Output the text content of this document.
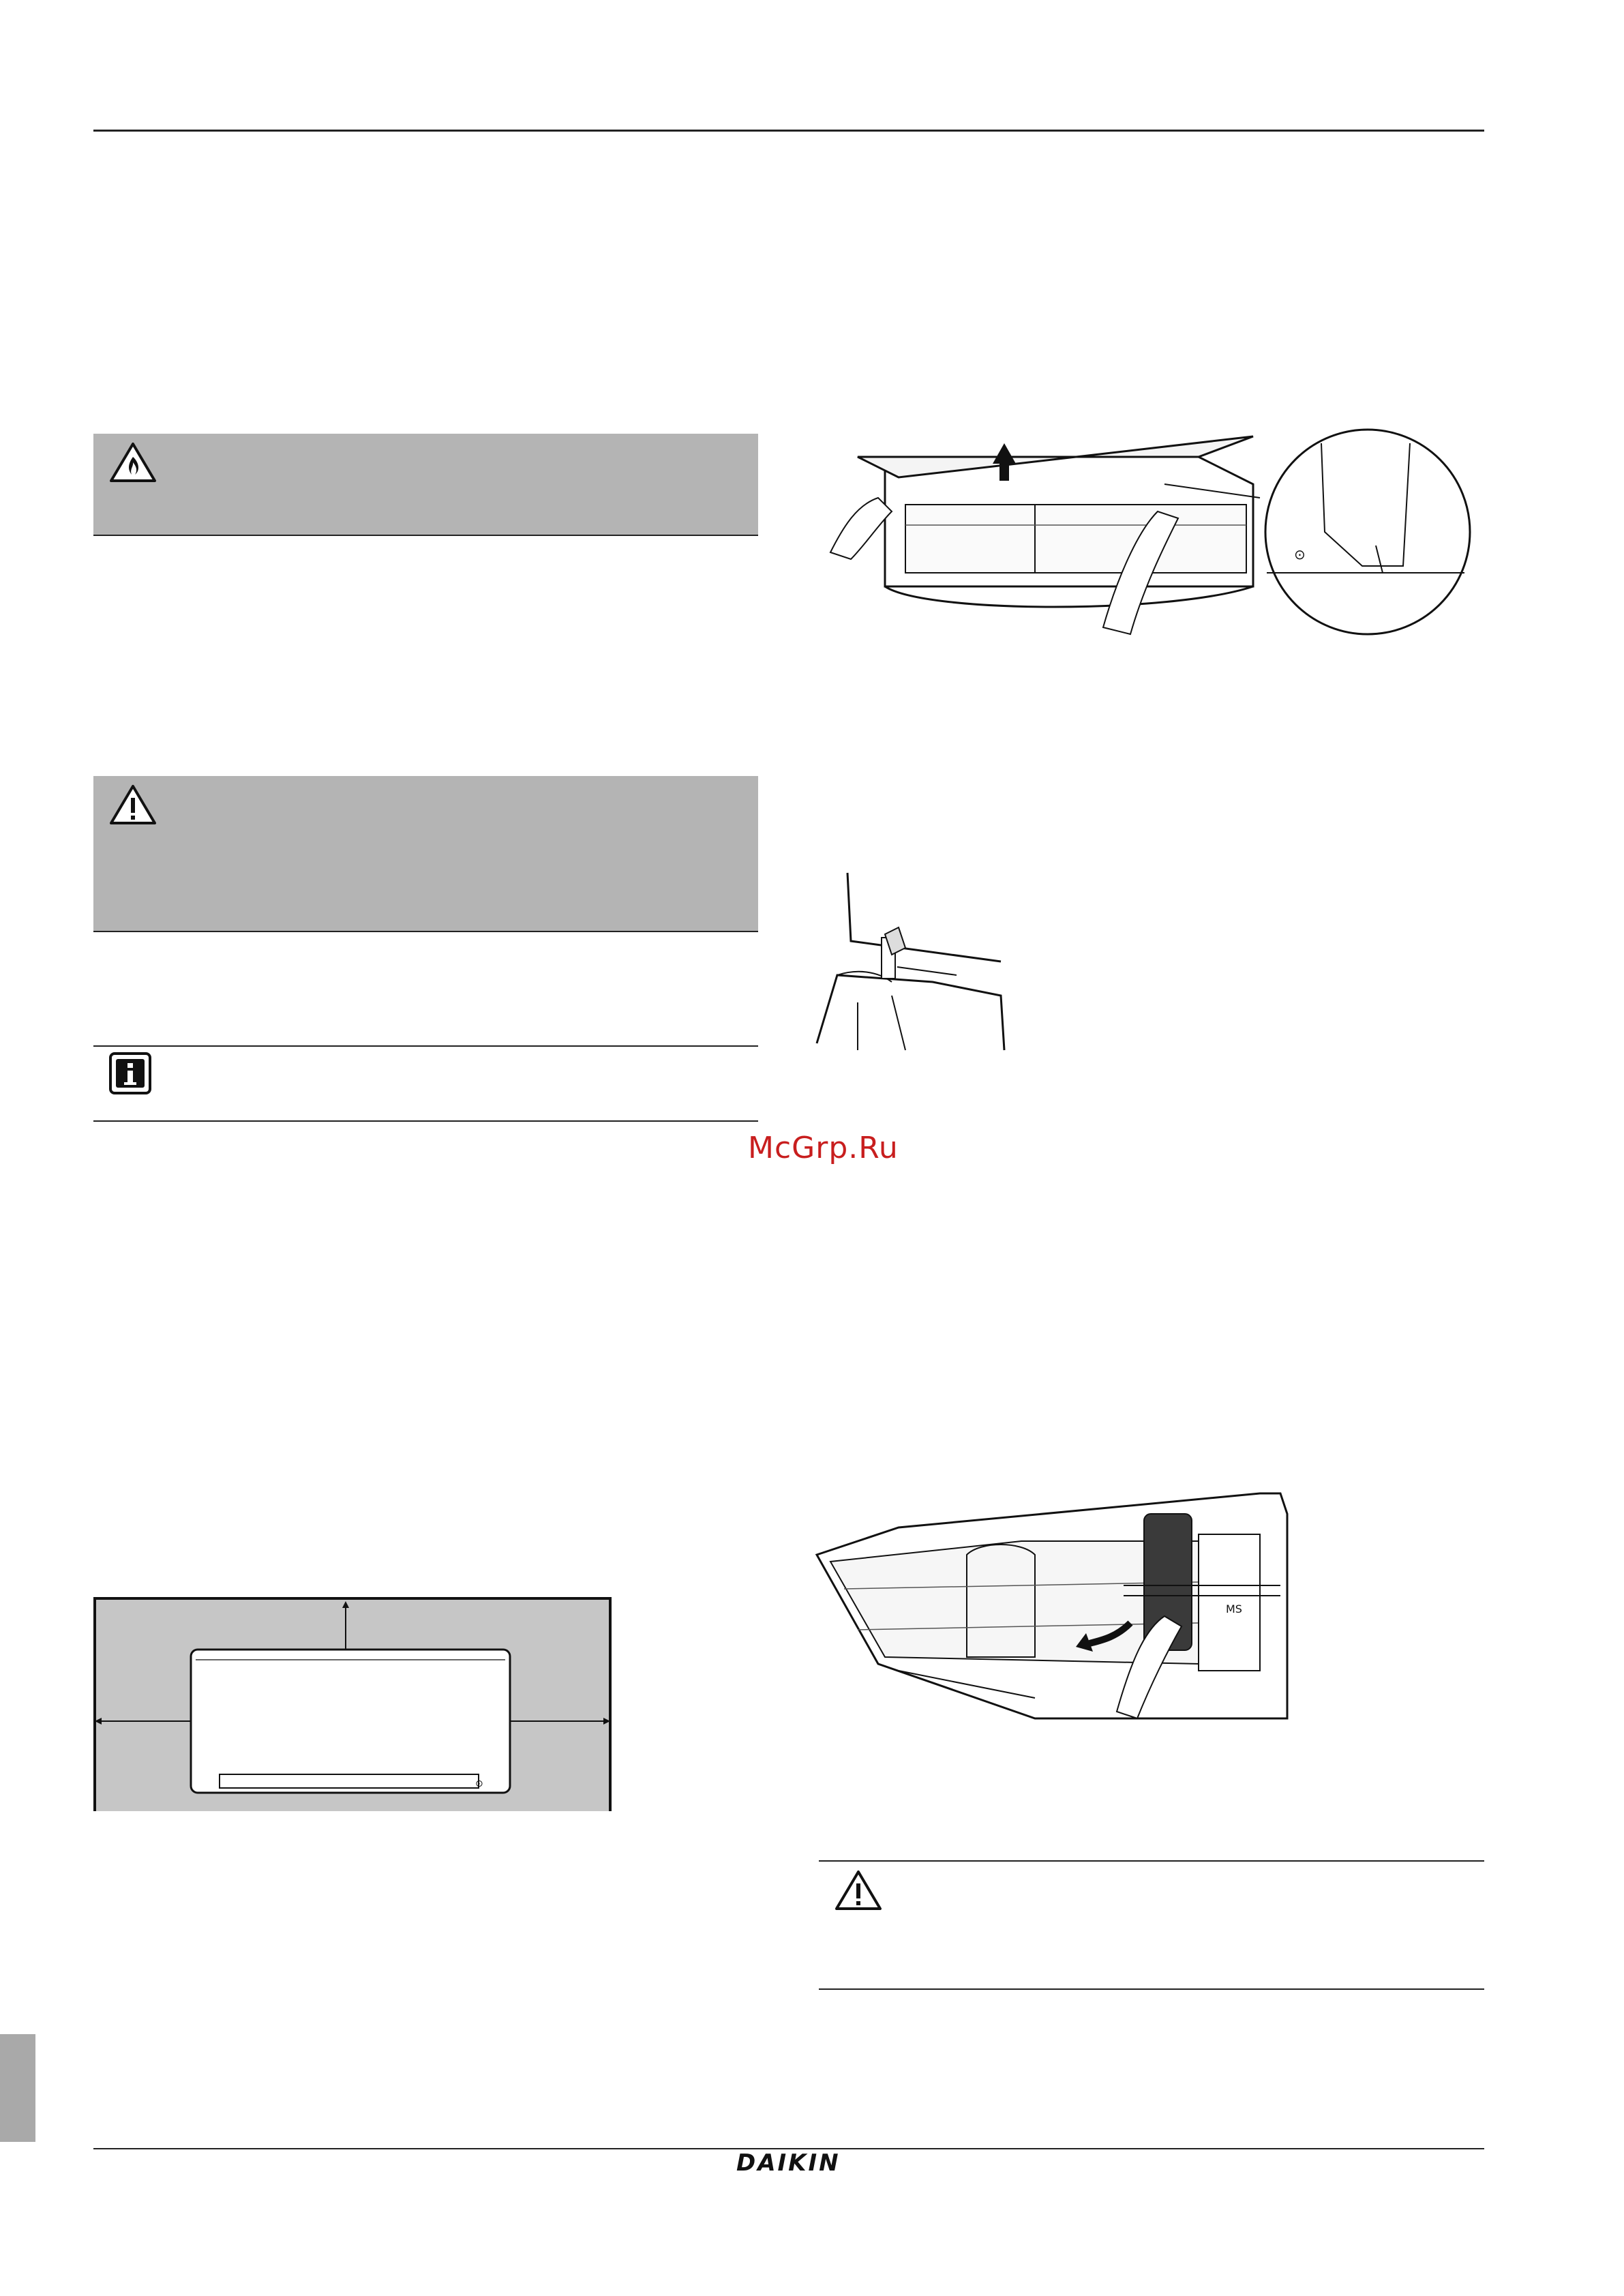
⊙
McGrp.Ru
⊙
MS
DAIKIN
